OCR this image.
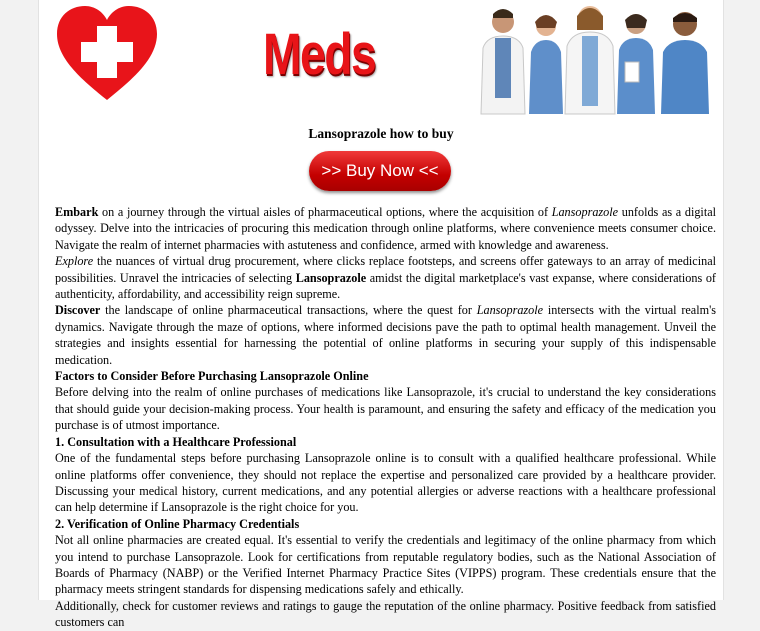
Meds
Lansoprazole how to buy
>> Buy Now <<

Embark on a journey through the virtual aisles of pharmaceutical options, where the acquisition of Lansoprazole unfolds as a digital odyssey. Delve into the intricacies of procuring this medication through online platforms, where convenience meets consumer choice. Navigate the realm of internet pharmacies with astuteness and confidence, armed with knowledge and awareness.

Explore the nuances of virtual drug procurement, where clicks replace footsteps, and screens offer gateways to an array of medicinal possibilities. Unravel the intricacies of selecting Lansoprazole amidst the digital marketplace's vast expanse, where considerations of authenticity, affordability, and accessibility reign supreme.

Discover the landscape of online pharmaceutical transactions, where the quest for Lansoprazole intersects with the virtual realm's dynamics. Navigate through the maze of options, where informed decisions pave the path to optimal health management. Unveil the strategies and insights essential for harnessing the potential of online platforms in securing your supply of this indispensable medication.

Factors to Consider Before Purchasing Lansoprazole Online

Before delving into the realm of online purchases of medications like Lansoprazole, it's crucial to understand the key considerations that should guide your decision-making process. Your health is paramount, and ensuring the safety and efficacy of the medication you purchase is of utmost importance.

1. Consultation with a Healthcare Professional

One of the fundamental steps before purchasing Lansoprazole online is to consult with a qualified healthcare professional. While online platforms offer convenience, they should not replace the expertise and personalized care provided by a healthcare provider. Discussing your medical history, current medications, and any potential allergies or adverse reactions with a healthcare professional can help determine if Lansoprazole is the right choice for you.

2. Verification of Online Pharmacy Credentials

Not all online pharmacies are created equal. It's essential to verify the credentials and legitimacy of the online pharmacy from which you intend to purchase Lansoprazole. Look for certifications from reputable regulatory bodies, such as the National Association of Boards of Pharmacy (NABP) or the Verified Internet Pharmacy Practice Sites (VIPPS) program. These credentials ensure that the pharmacy meets stringent standards for dispensing medications safely and ethically.

Additionally, check for customer reviews and ratings to gauge the reputation of the online pharmacy. Positive feedback from satisfied customers can
